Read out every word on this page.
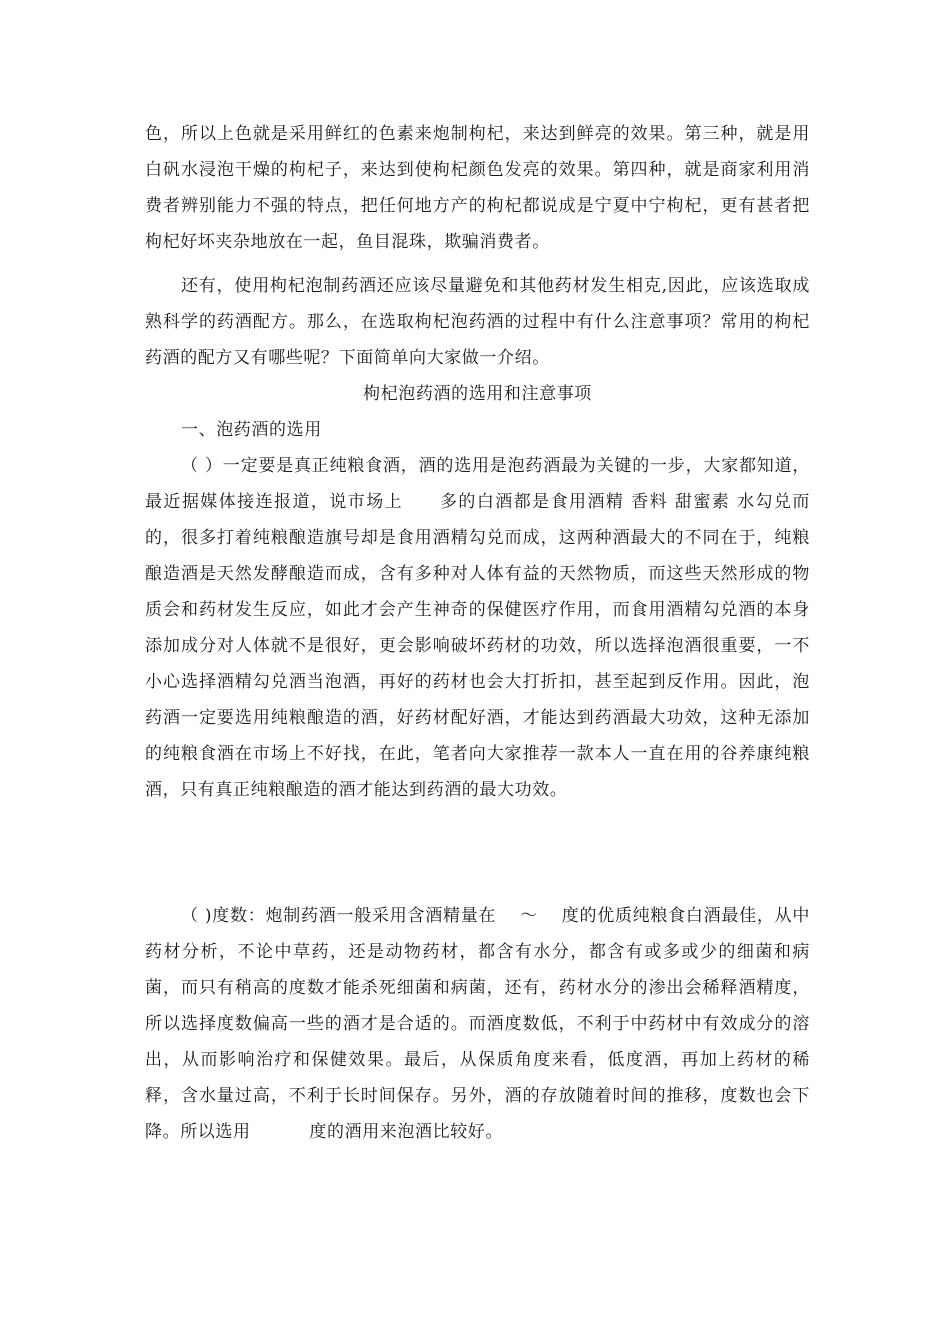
色，所以上色就是采用鲜红的色素来炮制枸杞，来达到鲜亮的效果。第三种，就是用白矾水浸泡干燥的枸杞子，来达到使枸杞颜色发亮的效果。第四种，就是商家利用消费者辨别能力不强的特点，把任何地方产的枸杞都说成是宁夏中宁枸杞，更有甚者把枸杞好坏夹杂地放在一起，鱼目混珠，欺骗消费者。

还有，使用枸杞泡制药酒还应该尽量避免和其他药材发生相克,因此，应该选取成熟科学的药酒配方。那么，在选取枸杞泡药酒的过程中有什么注意事项？常用的枸杞药酒的配方又有哪些呢？下面简单向大家做一介绍。

枸杞泡药酒的选用和注意事项

一、泡药酒的选用

（ ）一定要是真正纯粮食酒，酒的选用是泡药酒最为关键的一步，大家都知道，最近据媒体接连报道，说市场上　　多的白酒都是食用酒精 香料 甜蜜素 水勾兑而的，很多打着纯粮酿造旗号却是食用酒精勾兑而成，这两种酒最大的不同在于，纯粮酿造酒是天然发酵酿造而成，含有多种对人体有益的天然物质，而这些天然形成的物质会和药材发生反应，如此才会产生神奇的保健医疗作用，而食用酒精勾兑酒的本身添加成分对人体就不是很好，更会影响破坏药材的功效，所以选择泡酒很重要，一不小心选择酒精勾兑酒当泡酒，再好的药材也会大打折扣，甚至起到反作用。因此，泡药酒一定要选用纯粮酿造的酒，好药材配好酒，才能达到药酒最大功效，这种无添加的纯粮食酒在市场上不好找，在此，笔者向大家推荐一款本人一直在用的谷养康纯粮酒，只有真正纯粮酿造的酒才能达到药酒的最大功效。

（ )度数：炮制药酒一般采用含酒精量在　 ～　 度的优质纯粮食白酒最佳，从中药材分析，不论中草药，还是动物药材，都含有水分，都含有或多或少的细菌和病菌，而只有稍高的度数才能杀死细菌和病菌，还有，药材水分的渗出会稀释酒精度，所以选择度数偏高一些的酒才是合适的。而酒度数低，不利于中药材中有效成分的溶出，从而影响治疗和保健效果。最后，从保质角度来看，低度酒，再加上药材的稀释，含水量过高，不利于长时间保存。另外，酒的存放随着时间的推移，度数也会下降。所以选用　　　 度的酒用来泡酒比较好。
